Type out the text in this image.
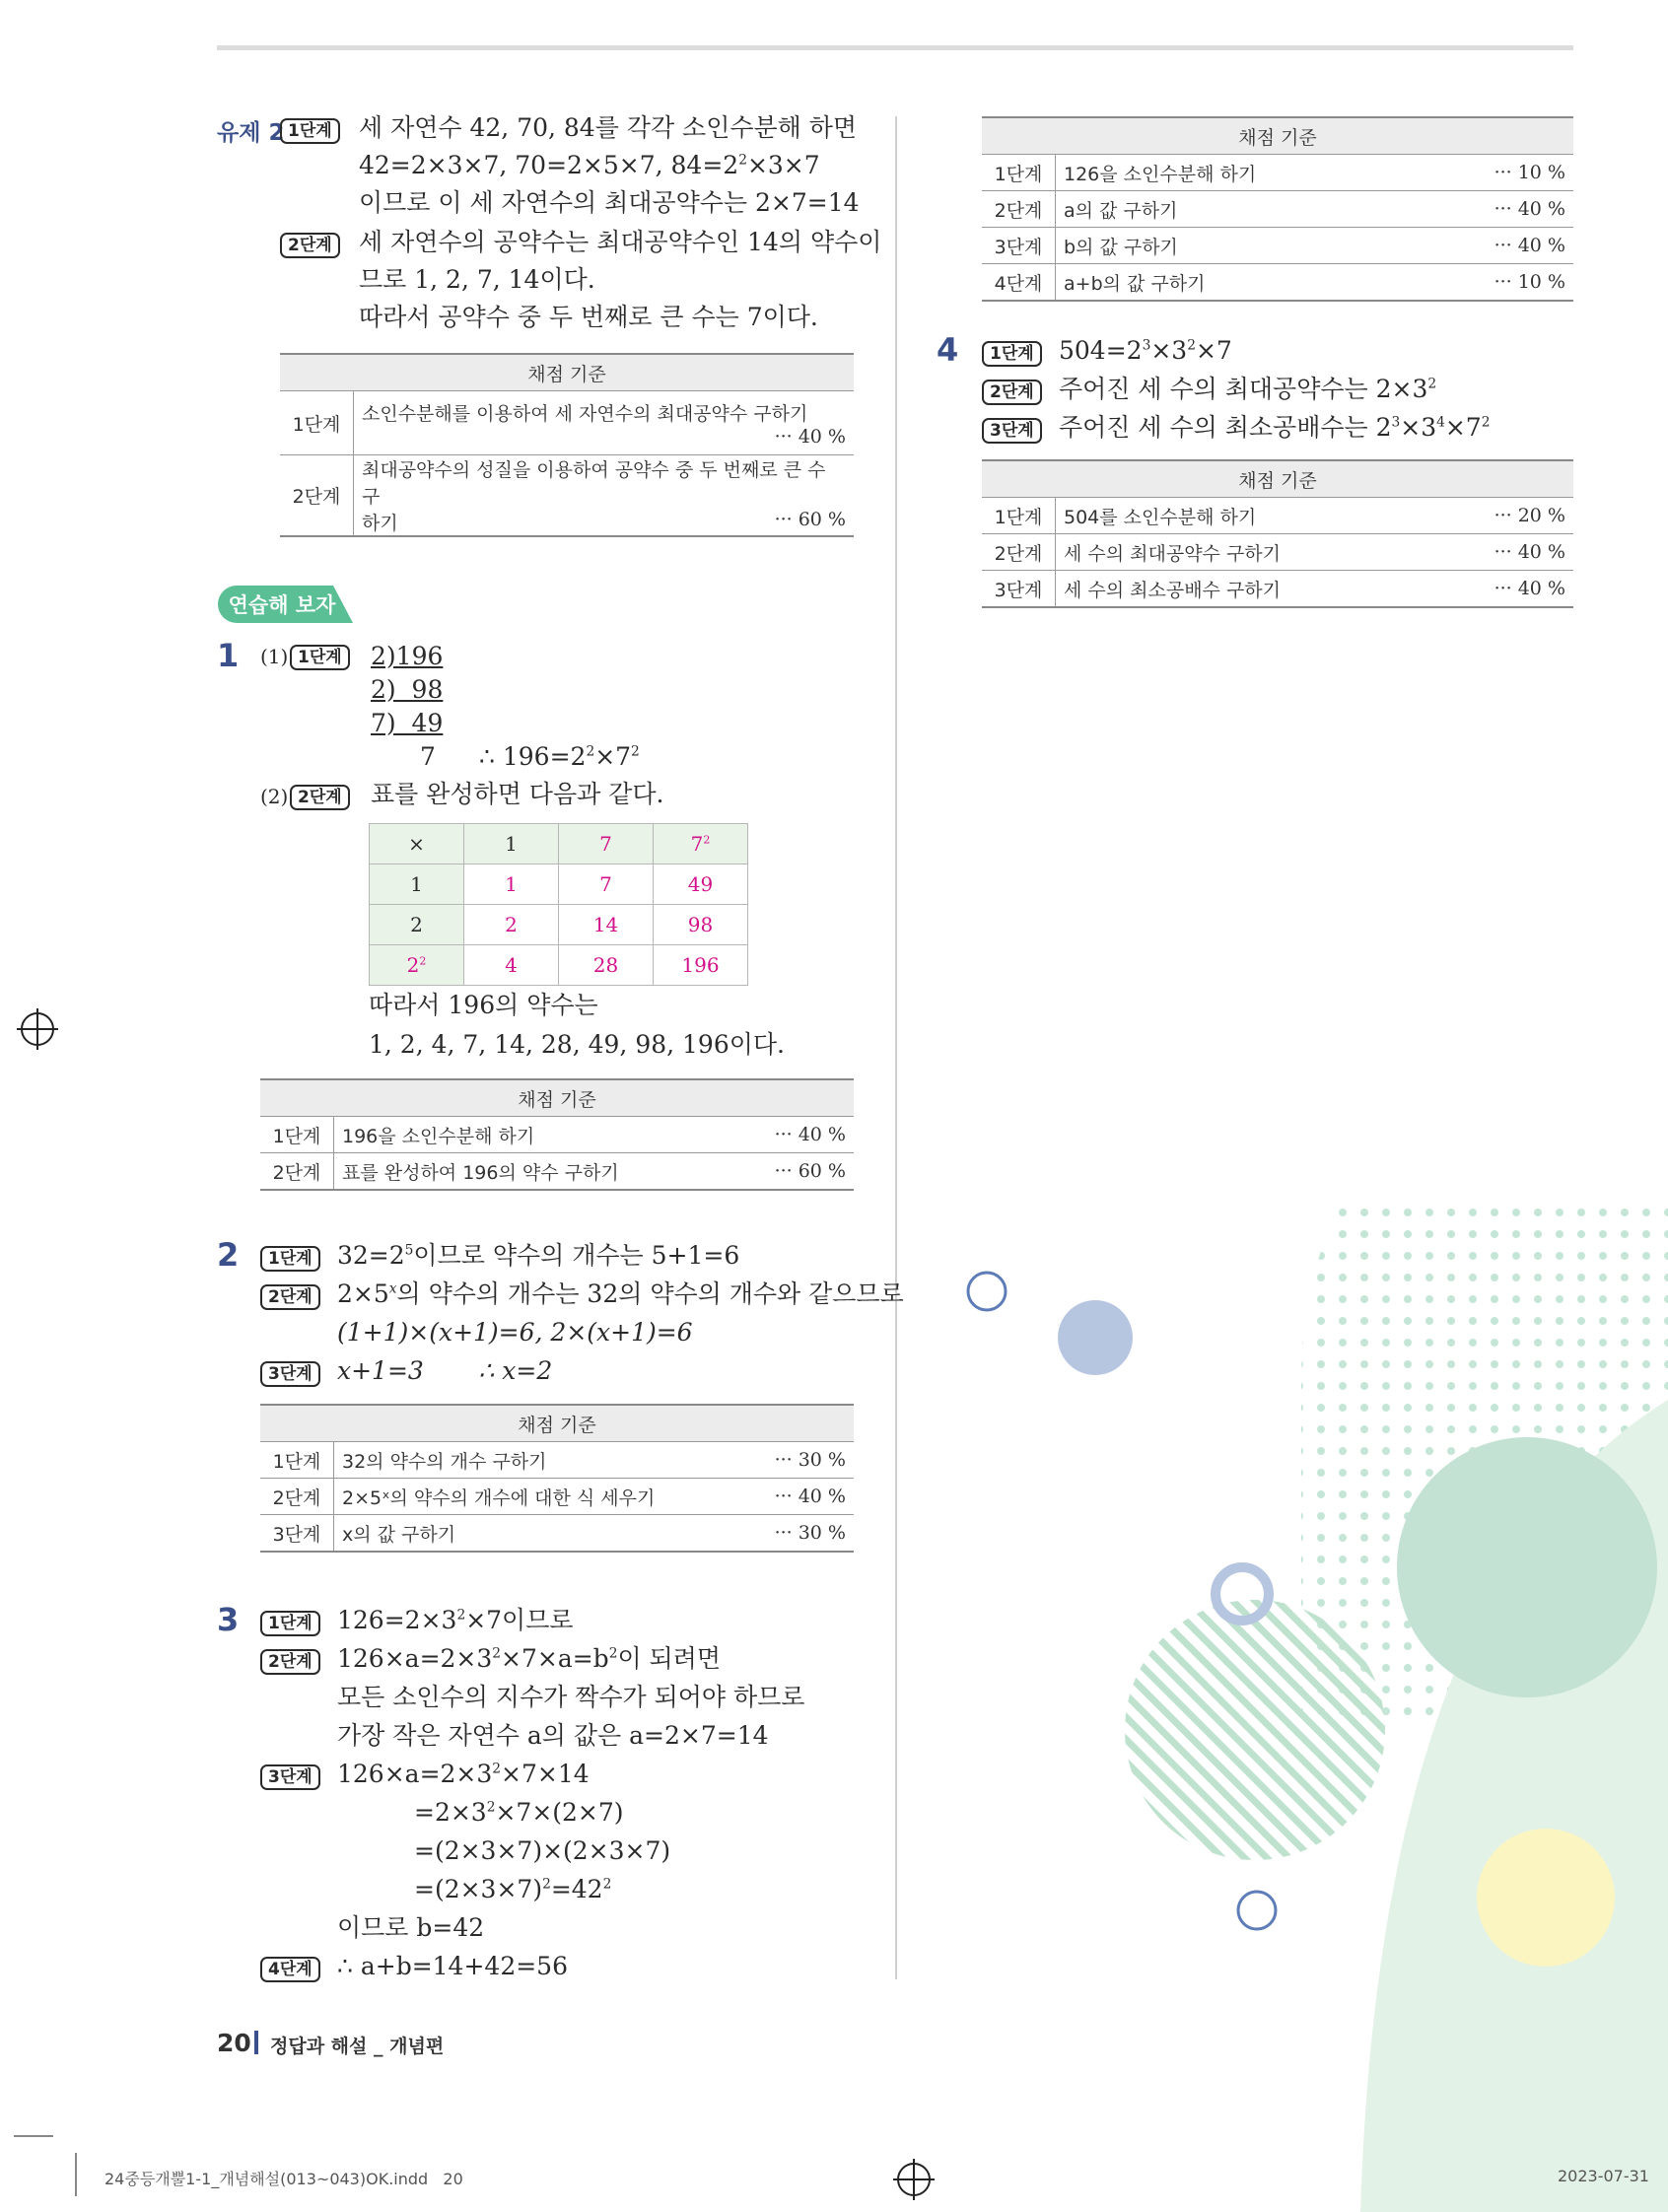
유제 2 1단계	세 자연수 42, 70, 84를 각각 소인수분해 하면
42=2×3×7, 70=2×5×7, $84=2^2\times 3\times 7$
이므로 이 세 자연수의 최대공약수는 2×7=14
2단계	세 자연수의 공약수는 최대공약수인 14의 약수이
므로 1, 2, 7, 14이다.
따라서 공약수 중 두 번째로 큰 수는 7이다.
채점 기준	
1단계	소인수분해를 이용하여 세 자연수의 최대공약수 구하기
··· 40 %

2단계	최대공약수의 성질을 이용하여 공약수 중 두 번째로 큰 수 구
하기 ··· 60 %
연습해 보자
1 (1) 1단계	2)196
2)  98
7)  49
7 ∴ $196=2^2\times 7^2$
(2) 2단계	표를 완성하면 다음과 같다.
×	1	7	$7^2$
1	1	7	49
2	2	14	98
$2^2$	4	28	196
따라서 196의 약수는
1, 2, 4, 7, 14, 28, 49, 98, 196이다.
채점 기준		
1단계	196을 소인수분해 하기	··· 40 %
2단계	표를 완성하여 196의 약수 구하기	··· 60 %
2	1단계	$32=2^5$이므로 약수의 개수는 5+1=6
2단계	$2\times 5^x$의 약수의 개수는 32의 약수의 개수와 같으므로
(1+1)×(x+1)=6, 2×(x+1)=6
3단계	x+1=3       ∴ x=2
채점 기준		
1단계	32의 약수의 개수 구하기	··· 30 %
2단계	2×5ˣ의 약수의 개수에 대한 식 세우기	··· 40 %
3단계	x의 값 구하기	··· 30 %
3	1단계	$126=2\times 3^2\times 7$이므로
2단계	$126\times a=2\times 3^2\times 7\times a=b^2$이 되려면
모든 소인수의 지수가 짝수가 되어야 하므로
가장 작은 자연수 a의 값은 a=2×7=14
3단계	$126\times a=2\times 3^2\times 7\times 14$
$=2\times 3^2\times 7\times(2\times 7)$
=(2×3×7)×(2×3×7)
$=(2\times 3\times 7)^2=42^2$
이므로 b=42
4단계	∴ a+b=14+42=56
채점 기준		
1단계	126을 소인수분해 하기	··· 10 %
2단계	a의 값 구하기	··· 40 %
3단계	b의 값 구하기	··· 40 %
4단계	a+b의 값 구하기	··· 10 %
4	1단계	$504=2^3\times 3^2\times 7$
2단계	주어진 세 수의 최대공약수는 $2\times 3^2$
3단계	주어진 세 수의 최소공배수는 $2^3\times 3^4\times 7^2$
채점 기준		
1단계	504를 소인수분해 하기	··· 20 %
2단계	세 수의 최대공약수 구하기	··· 40 %
3단계	세 수의 최소공배수 구하기	··· 40 %
20 정답과 해설 _ 개념편
24중등개뿔1-1_개념해설(013~043)OK.indd   20	2023-07-31
